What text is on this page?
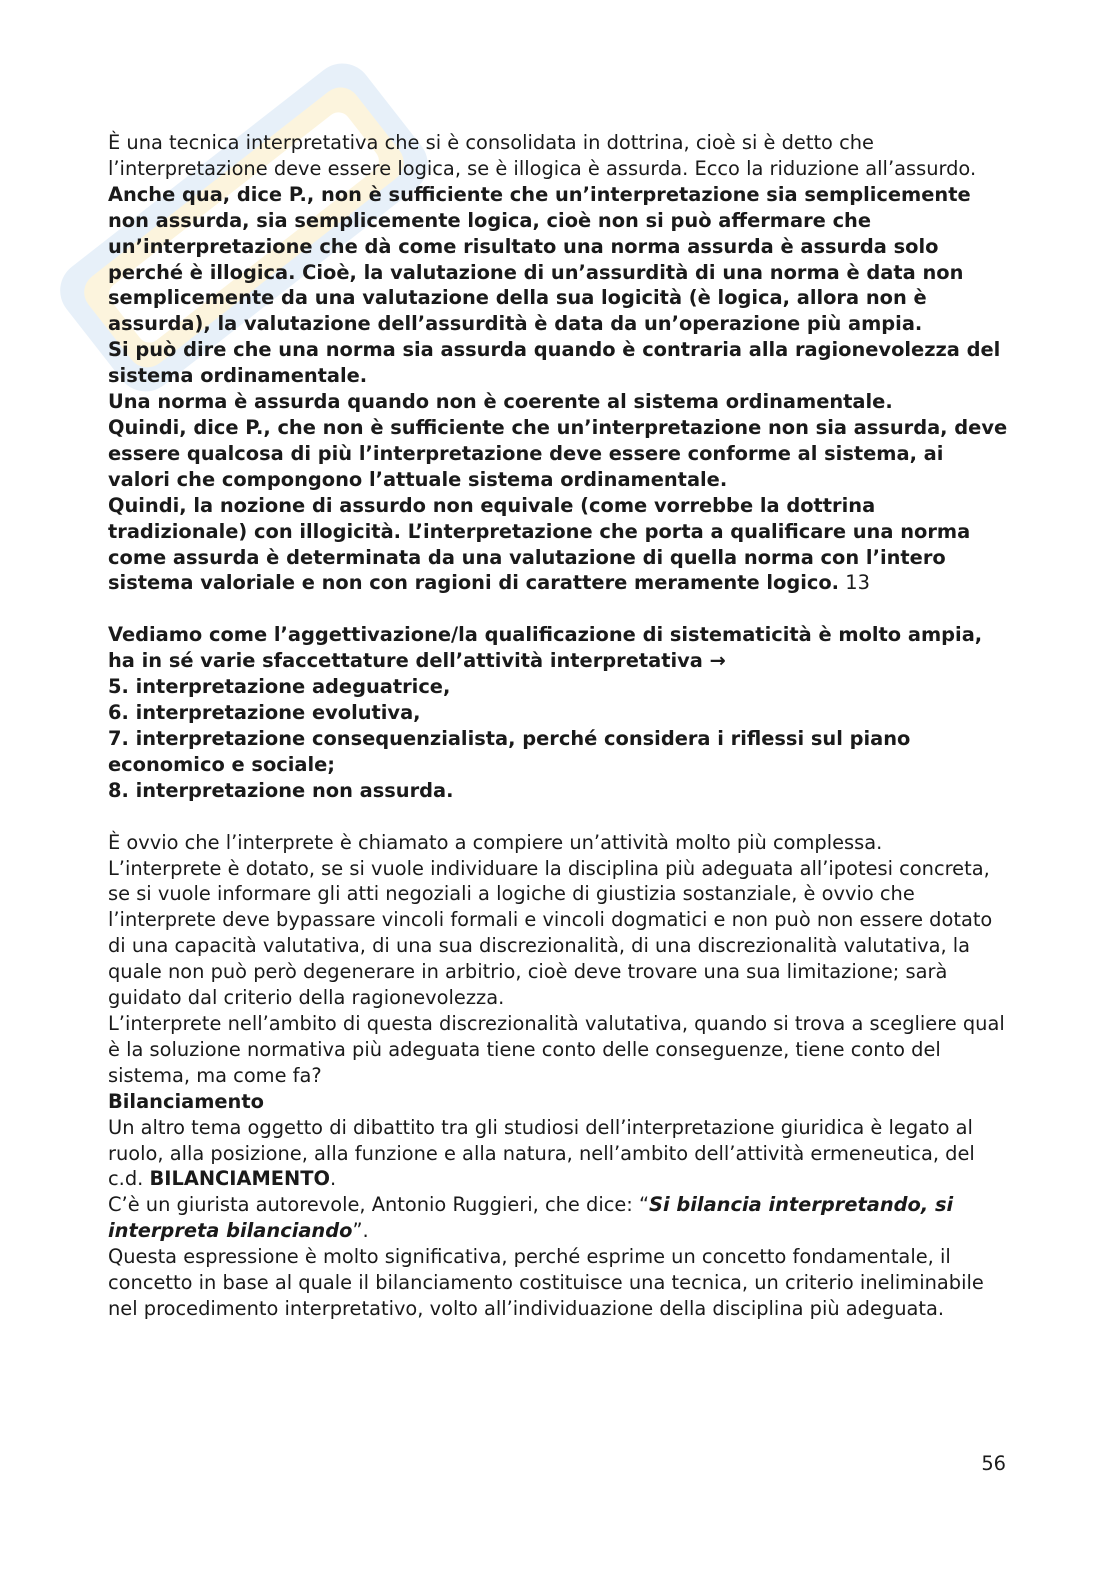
È una tecnica interpretativa che si è consolidata in dottrina, cioè si è detto che l’interpretazione deve essere logica, se è illogica è assurda. Ecco la riduzione all’assurdo.

Anche qua, dice P., non è sufficiente che un’interpretazione sia semplicemente non assurda, sia semplicemente logica, cioè non si può affermare che un’interpretazione che dà come risultato una norma assurda è assurda solo perché è illogica. Cioè, la valutazione di un’assurdità di una norma è data non semplicemente da una valutazione della sua logicità (è logica, allora non è assurda), la valutazione dell’assurdità è data da un’operazione più ampia.

Si può dire che una norma sia assurda quando è contraria alla ragionevolezza del sistema ordinamentale.

Una norma è assurda quando non è coerente al sistema ordinamentale.

Quindi, dice P., che non è sufficiente che un’interpretazione non sia assurda, deve essere qualcosa di più l’interpretazione deve essere conforme al sistema, ai valori che compongono l’attuale sistema ordinamentale.

Quindi, la nozione di assurdo non equivale (come vorrebbe la dottrina tradizionale) con illogicità. L’interpretazione che porta a qualificare una norma come assurda è determinata da una valutazione di quella norma con l’intero sistema valoriale e non con ragioni di carattere meramente logico. 13

Vediamo come l’aggettivazione/la qualificazione di sistematicità è molto ampia, ha in sé varie sfaccettature dell’attività interpretativa →

5. interpretazione adeguatrice,

6. interpretazione evolutiva,

7. interpretazione consequenzialista, perché considera i riflessi sul piano economico e sociale;

8. interpretazione non assurda.

È ovvio che l’interprete è chiamato a compiere un’attività molto più complessa.

L’interprete è dotato, se si vuole individuare la disciplina più adeguata all’ipotesi concreta, se si vuole informare gli atti negoziali a logiche di giustizia sostanziale, è ovvio che l’interprete deve bypassare vincoli formali e vincoli dogmatici e non può non essere dotato di una capacità valutativa, di una sua discrezionalità, di una discrezionalità valutativa, la quale non può però degenerare in arbitrio, cioè deve trovare una sua limitazione; sarà guidato dal criterio della ragionevolezza.

L’interprete nell’ambito di questa discrezionalità valutativa, quando si trova a scegliere qual è la soluzione normativa più adeguata tiene conto delle conseguenze, tiene conto del sistema, ma come fa?

Bilanciamento

Un altro tema oggetto di dibattito tra gli studiosi dell’interpretazione giuridica è legato al ruolo, alla posizione, alla funzione e alla natura, nell’ambito dell’attività ermeneutica, del c.d. BILANCIAMENTO.

C’è un giurista autorevole, Antonio Ruggieri, che dice: “Si bilancia interpretando, si interpreta bilanciando”.

Questa espressione è molto significativa, perché esprime un concetto fondamentale, il concetto in base al quale il bilanciamento costituisce una tecnica, un criterio ineliminabile nel procedimento interpretativo, volto all’individuazione della disciplina più adeguata.

56
